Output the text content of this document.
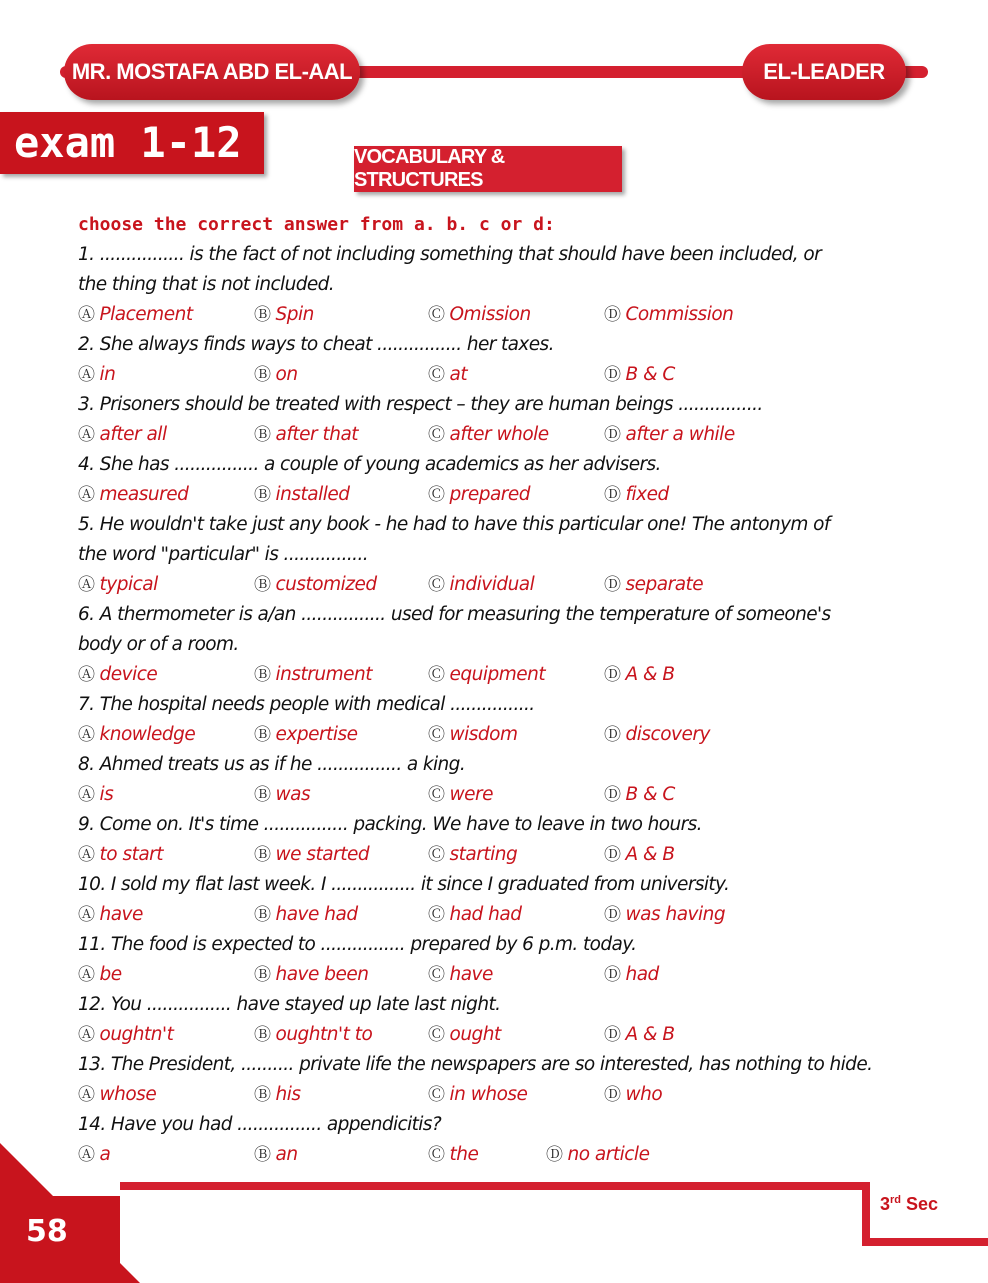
MR. MOSTAFA ABD EL-AAL	EL-LEADER
exam 1-12	VOCABULARY & STRUCTURES
choose the correct answer from a. b. c or d:
1. ................ is the fact of not including something that should have been included, or
the thing that is not included.
Ⓐ Placement	Ⓑ Spin	Ⓒ Omission	Ⓓ Commission
2. She always finds ways to cheat ................ her taxes.
Ⓐ in	Ⓑ on	Ⓒ at	Ⓓ B & C
3. Prisoners should be treated with respect – they are human beings ................
Ⓐ after all	Ⓑ after that	Ⓒ after whole	Ⓓ after a while
4. She has ................ a couple of young academics as her advisers.
Ⓐ measured	Ⓑ installed	Ⓒ prepared	Ⓓ fixed
5. He wouldn't take just any book - he had to have this particular one! The antonym of
the word "particular" is ................
Ⓐ typical	Ⓑ customized	Ⓒ individual	Ⓓ separate
6. A thermometer is a/an ................ used for measuring the temperature of someone's
body or of a room.
Ⓐ device	Ⓑ instrument	Ⓒ equipment	Ⓓ A & B
7. The hospital needs people with medical ................
Ⓐ knowledge	Ⓑ expertise	Ⓒ wisdom	Ⓓ discovery
8. Ahmed treats us as if he ................ a king.
Ⓐ is	Ⓑ was	Ⓒ were	Ⓓ B & C
9. Come on. It's time ................ packing. We have to leave in two hours.
Ⓐ to start	Ⓑ we started	Ⓒ starting	Ⓓ A & B
10. I sold my flat last week. I ................ it since I graduated from university.
Ⓐ have	Ⓑ have had	Ⓒ had had	Ⓓ was having
11. The food is expected to ................ prepared by 6 p.m. today.
Ⓐ be	Ⓑ have been	Ⓒ have	Ⓓ had
12. You ................ have stayed up late last night.
Ⓐ oughtn't	Ⓑ oughtn't to	Ⓒ ought	Ⓓ A & B
13. The President, .......... private life the newspapers are so interested, has nothing to hide.
Ⓐ whose	Ⓑ his	Ⓒ in whose	Ⓓ who
14. Have you had ................ appendicitis?
Ⓐ a	Ⓑ an	Ⓒ the	Ⓓ no article
58
3rd Sec
